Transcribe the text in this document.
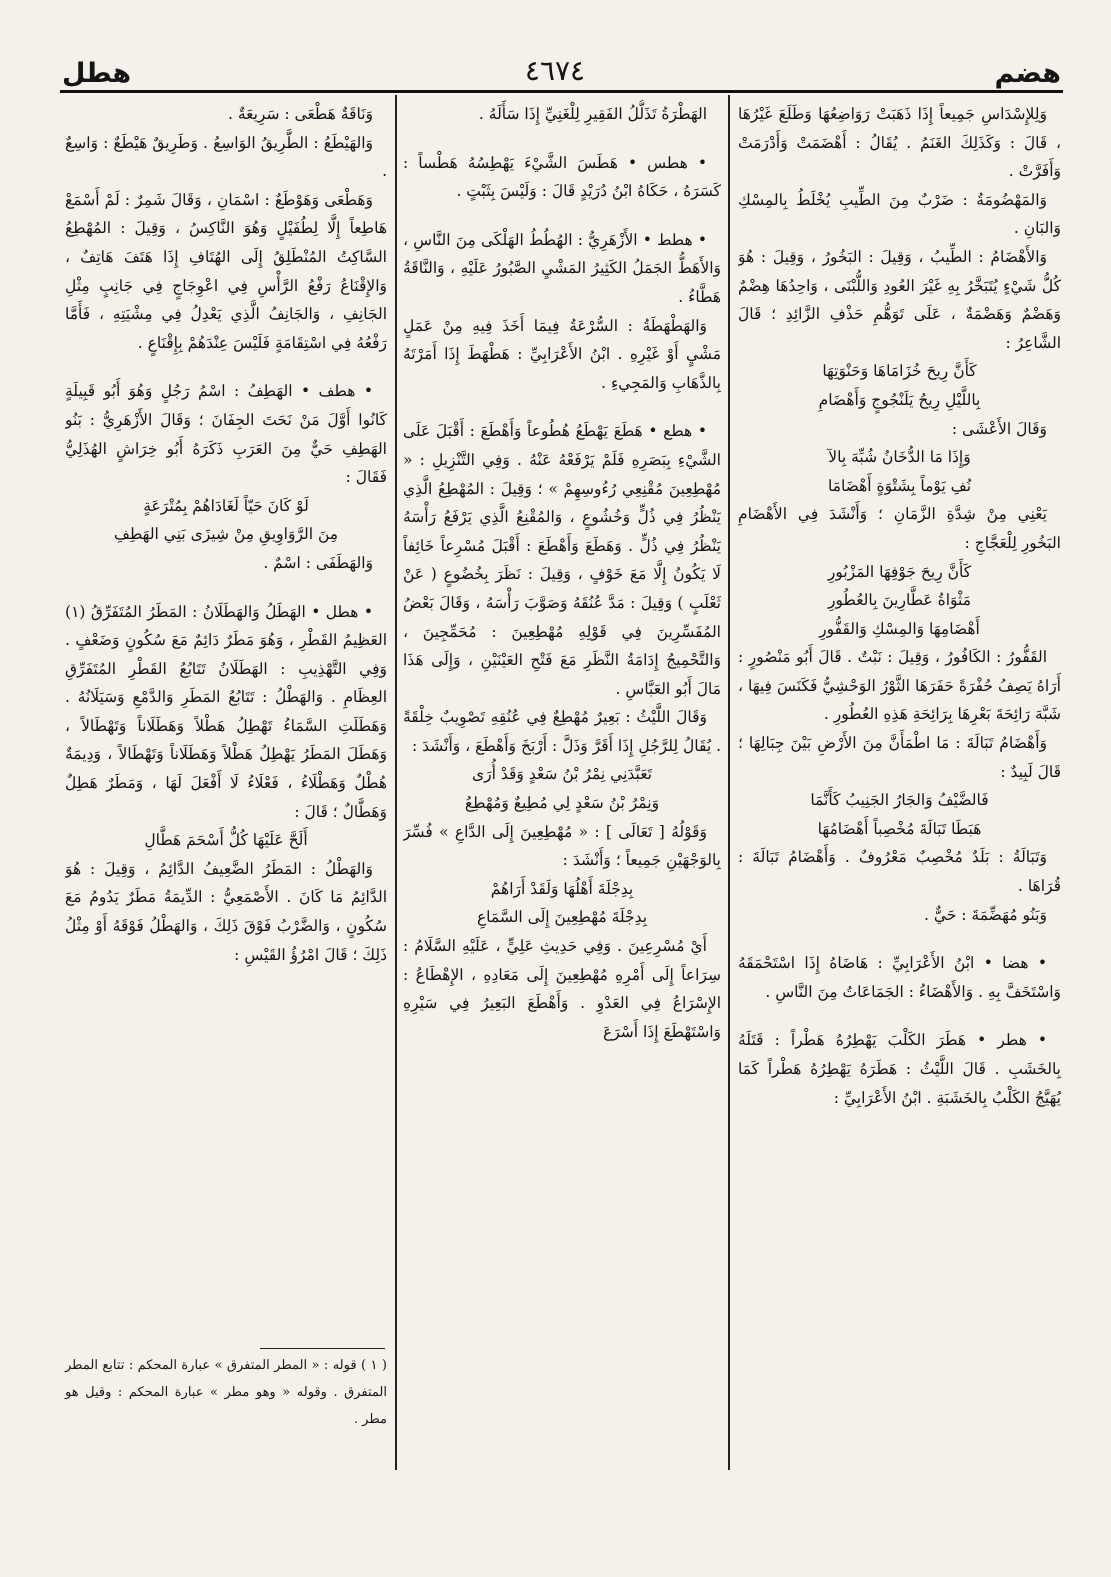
هطل	٤٦٧٤	هضم

وَلِلإِسْدَاسِ جَمِيعاً إِذَا ذَهَبَتْ رَوَاضِعُهَا وَطَلَعَ غَيْرُهَا ، قَالَ : وَكَذَلِكَ الغَنَمُ . يُقَالُ : أَهْضَمَتْ وَأَدْرَمَتْ وَأَفَرَّتْ .

وَالمَهْضُومَةُ : ضَرْبٌ مِنَ الطِّيبِ يُخْلَطُ بِالمِسْكِ وَالبَانِ .

وَالأَهْضَامُ : الطِّيبُ ، وَقِيلَ : البَخُورُ ، وَقِيلَ : هُوَ كُلُّ شَيْءٍ يُتَبَخَّرُ بِهِ غَيْرَ العُودِ وَاللُّبْنَى ، وَاحِدُهَا هِضْمٌ وَهَضْمٌ وَهَضْمَةٌ ، عَلَى تَوَهُّمِ حَذْفِ الزَّائِدِ ؛ قَالَ الشَّاعِرُ :

كَأَنَّ رِيحَ خُزَامَاهَا وَحَنْوَتِهَا

بِاللَّيْلِ رِيحُ يَلَنْجُوجٍ وَأَهْضَامِ

وَقَالَ الأَعْشَى :

وَإِذَا مَا الدُّخَانُ شُبِّهَ بِالآ

نُفِ يَوْماً بِشَتْوَةٍ أَهْضَامَا

يَعْنِي مِنْ شِدَّةِ الزَّمَانِ ؛ وَأَنْشَدَ فِي الأَهْضَامِ البَخُورِ لِلْعَجَّاجِ :

كَأَنَّ رِيحَ جَوْفِهَا المَزْبُورِ

مَثْوَاةُ عَطَّارِينَ بِالعُطُورِ

أَهْضَامِهَا وَالمِسْكِ وَالقَفُّورِ

القَفُّورُ : الكَافُورُ ، وَقِيلَ : نَبْتٌ . قَالَ أَبُو مَنْصُورٍ : أَرَاهُ يَصِفُ حُفْرَةً حَفَرَهَا الثَّوْرُ الوَحْشِيُّ فَكَنَسَ فِيهَا ، شَبَّهَ رَائِحَةَ بَعْرِهَا بِرَائِحَةِ هَذِهِ العُطُورِ .

وَأَهْضَامُ تَبَالَةَ : مَا اطْمَأَنَّ مِنَ الأَرْضِ بَيْنَ جِبَالِهَا ؛ قَالَ لَبِيدٌ :

فَالضَّيْفُ وَالجَارُ الجَنِيبُ كَأَنَّمَا

هَبَطَا تَبَالَةَ مُخْصِباً أَهْضَامُهَا

وَتَبَالَةُ : بَلَدٌ مُخْصِبٌ مَعْرُوفٌ . وَأَهْضَامُ تَبَالَةَ : قُرَاهَا .

وَبَنُو مُهَضِّمَةَ : حَيٌّ .

• هضا • ابْنُ الأَعْرَابِيِّ : هَاضَاهُ إِذَا اسْتَحْمَقَهُ وَاسْتَخَفَّ بِهِ . وَالأَهْضَاءُ : الجَمَاعَاتُ مِنَ النَّاسِ .

• هطر • هَطَرَ الكَلْبَ يَهْطِرُهُ هَطْراً : قَتَلَهُ بِالخَشَبِ . قَالَ اللَّيْثُ : هَطَرَهُ يَهْطِرُهُ هَطْراً كَمَا يُهَيَّجُ الكَلْبُ بِالخَشَبَةِ . ابْنُ الأَعْرَابِيِّ :

الهَطْرَةُ تَذَلُّلُ الفَقِيرِ لِلْغَنِيِّ إِذَا سَأَلَهُ .

• هطس • هَطَسَ الشَّيْءَ يَهْطِسُهُ هَطْساً : كَسَرَهُ ، حَكَاهُ ابْنُ دُرَيْدٍ قَالَ : وَلَيْسَ بِثَبْتٍ .

• هطط • الأَزْهَرِيُّ : الهُطُطُ الهَلْكَى مِنَ النَّاسِ ، وَالأَهَطُّ الجَمَلُ الكَثِيرُ المَشْيِ الصَّبُورُ عَلَيْهِ ، وَالنَّاقَةُ هَطَّاءُ .

وَالهَطْهَطَةُ : السُّرْعَةُ فِيمَا أَخَذَ فِيهِ مِنْ عَمَلٍ مَشْيٍ أَوْ غَيْرِهِ . ابْنُ الأَعْرَابِيِّ : هَطْهَطَ إِذَا أَمَرْتَهُ بِالذَّهَابِ وَالمَجِيءِ .

• هطع • هَطَعَ يَهْطَعُ هُطُوعاً وَأَهْطَعَ : أَقْبَلَ عَلَى الشَّيْءِ بِبَصَرِهِ فَلَمْ يَرْفَعْهُ عَنْهُ . وَفِي التَّنْزِيلِ : « مُهْطِعِينَ مُقْنِعِي رُءُوسِهِمْ » ؛ وَقِيلَ : المُهْطِعُ الَّذِي يَنْظُرُ فِي ذُلٍّ وَخُشُوعٍ ، وَالمُقْنِعُ الَّذِي يَرْفَعُ رَأْسَهُ يَنْظُرُ فِي ذُلٍّ . وَهَطَعَ وَأَهْطَعَ : أَقْبَلَ مُسْرِعاً خَائِفاً لَا يَكُونُ إِلَّا مَعَ خَوْفٍ ، وَقِيلَ : نَظَرَ بِخُضُوعٍ ( عَنْ ثَعْلَبٍ ) وَقِيلَ : مَدَّ عُنُقَهُ وَصَوَّبَ رَأْسَهُ ، وَقَالَ بَعْضُ المُفَسِّرِينَ فِي قَوْلِهِ مُهْطِعِينَ : مُحَمِّجِينَ ، وَالتَّحْمِيجُ إِدَامَةُ النَّظَرِ مَعَ فَتْحِ العَيْنَيْنِ ، وَإِلَى هَذَا مَالَ أَبُو العَبَّاسِ .

وَقَالَ اللَّيْثُ : بَعِيرٌ مُهْطِعٌ فِي عُنُقِهِ تَصْوِيبٌ خِلْقَةً . يُقَالُ لِلرَّجُلِ إِذَا أَقَرَّ وَذَلَّ : أَرْبَخَ وَأَهْطَعَ ، وَأَنْشَدَ :

تَعَبَّدَنِي نِمْرُ بْنُ سَعْدٍ وَقَدْ أُرَى

وَنِمْرُ بْنُ سَعْدٍ لِي مُطِيعٌ وَمُهْطِعُ

وَقَوْلُهُ [ تَعَالَى ] : « مُهْطِعِينَ إِلَى الدَّاعِ » فُسِّرَ بِالوَجْهَيْنِ جَمِيعاً ؛ وَأَنْشَدَ :

بِدِجْلَةَ أَهْلُهَا وَلَقَدْ أَرَاهُمْ

بِدِجْلَةَ مُهْطِعِينَ إِلَى السَّمَاعِ

أَيْ مُسْرِعِينَ . وَفِي حَدِيثِ عَلِيٍّ ، عَلَيْهِ السَّلَامُ : سِرَاعاً إِلَى أَمْرِهِ مُهْطِعِينَ إِلَى مَعَادِهِ ، الإِهْطَاعُ : الإِسْرَاعُ فِي العَدْوِ . وَأَهْطَعَ البَعِيرُ فِي سَيْرِهِ وَاسْتَهْطَعَ إِذَا أَسْرَعَ

وَنَاقَةٌ هَطْعَى : سَرِيعَةٌ .

وَالهَيْطَعُ : الطَّرِيقُ الوَاسِعُ . وَطَرِيقٌ هَيْطَعٌ : وَاسِعٌ .

وَهَطْعَى وَهَوْطَعٌ : اسْمَانِ ، وَقَالَ شَمِرٌ : لَمْ أَسْمَعْ هَاطِعاً إِلَّا لِطُفَيْلٍ وَهُوَ النَّاكِسُ ، وَقِيلَ : المُهْطِعُ السَّاكِتُ المُنْطَلِقُ إِلَى الهُتَافِ إِذَا هَتَفَ هَاتِفٌ ، وَالإِقْنَاعُ رَفْعُ الرَّأْسِ فِي اعْوِجَاجٍ فِي جَانِبٍ مِثْلِ الجَانِفِ ، وَالجَانِفُ الَّذِي يَعْدِلُ فِي مِشْيَتِهِ ، فَأَمَّا رَفْعُهُ فِي اسْتِقَامَةٍ فَلَيْسَ عِنْدَهُمْ بِإِقْنَاعٍ .

• هطف • الهَطِفُ : اسْمُ رَجُلٍ وَهُوَ أَبُو قَبِيلَةٍ كَانُوا أَوَّلَ مَنْ نَحَتَ الجِفَانَ ؛ وَقَالَ الأَزْهَرِيُّ : بَنُو الهَطِفِ حَيٌّ مِنَ العَرَبِ ذَكَرَهُ أَبُو خِرَاشٍ الهُذَلِيُّ فَقَالَ :

لَوْ كَانَ حَيّاً لَغَادَاهُمْ بِمُتْرَعَةٍ

مِنَ الرَّوَاوِيقِ مِنْ شِيزَى بَنِي الهَطِفِ

وَالهَطَفَى : اسْمٌ .

• هطل • الهَطَلُ وَالهَطَلَانُ : المَطَرُ المُتَفَرِّقُ (١) العَظِيمُ القَطْرِ ، وَهُوَ مَطَرٌ دَائِمٌ مَعَ سُكُونٍ وَضَعْفٍ . وَفِي التَّهْذِيبِ : الهَطَلَانُ تَتَابُعُ القَطْرِ المُتَفَرِّقِ العِظَامِ . وَالهَطْلُ : تَتَابُعُ المَطَرِ وَالدَّمْعِ وَسَيَلَانُهُ . وَهَطَلَتِ السَّمَاءُ تَهْطِلُ هَطْلاً وَهَطَلَاناً وَتَهْطَالاً ، وَهَطَلَ المَطَرُ يَهْطِلُ هَطْلاً وَهَطَلَاناً وَتَهْطَالاً ، وَدِيمَةٌ هُطْلٌ وَهَطْلَاءُ ، فَعْلَاءُ لَا أَفْعَلَ لَهَا ، وَمَطَرٌ هَطِلٌ وَهَطَّالٌ ؛ قَالَ :

أَلَحَّ عَلَيْهَا كُلُّ أَسْحَمَ هَطَّالِ

وَالهَطْلُ : المَطَرُ الضَّعِيفُ الدَّائِمُ ، وَقِيلَ : هُوَ الدَّائِمُ مَا كَانَ . الأَصْمَعِيُّ : الدِّيمَةُ مَطَرٌ يَدُومُ مَعَ سُكُونٍ ، وَالضَّرْبُ فَوْقَ ذَلِكَ ، وَالهَطْلُ فَوْقَهُ أَوْ مِثْلُ ذَلِكَ ؛ قَالَ امْرُؤُ القَيْسِ :

( ١ ) قوله : « المطر المتفرق » عبارة المحكم : تتابع المطر المتفرق . وقوله « وهو مطر » عبارة المحكم : وقيل هو مطر .
